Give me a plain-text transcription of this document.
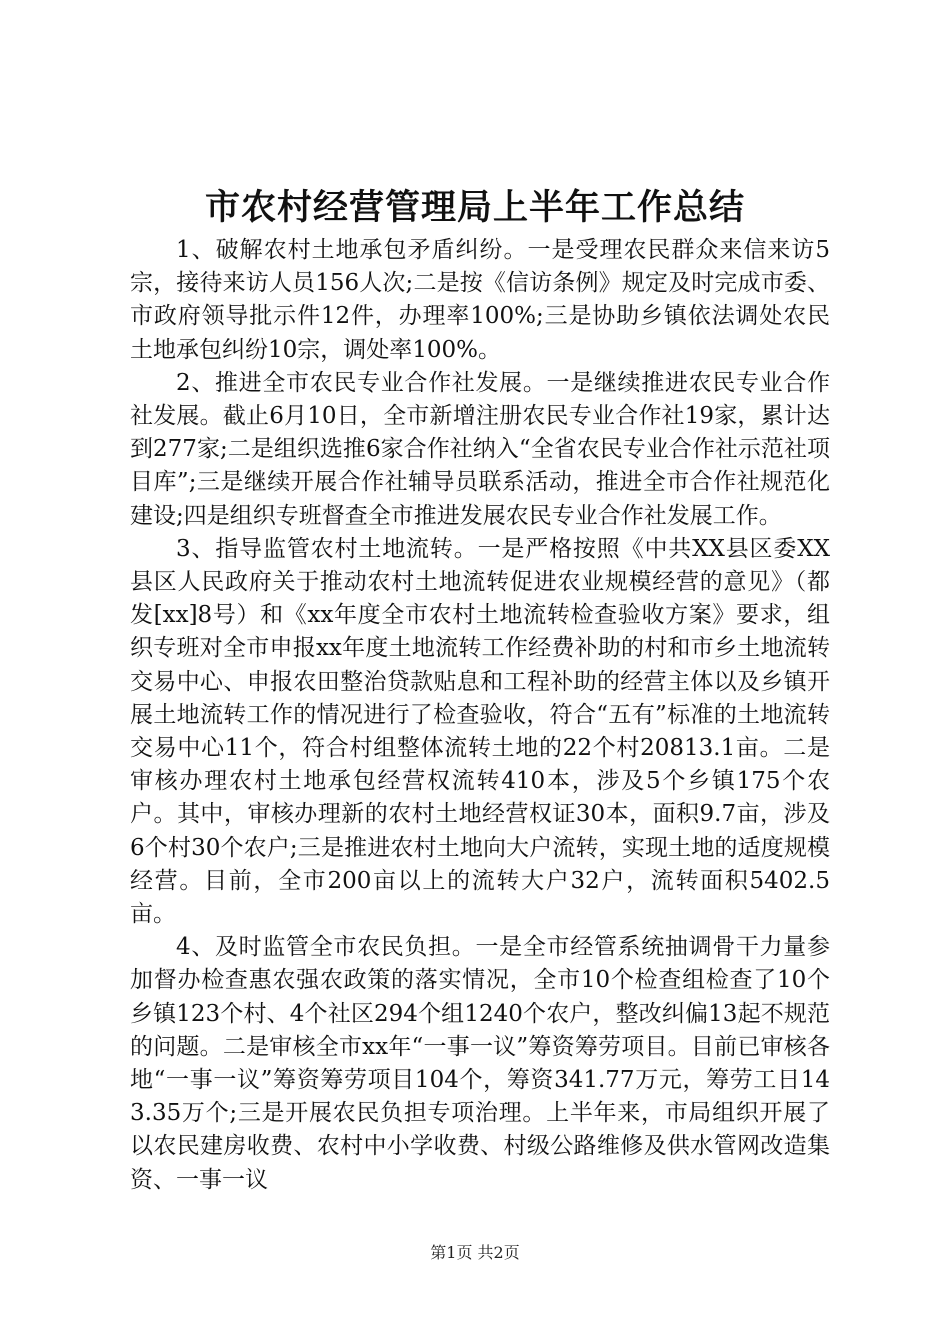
市农村经营管理局上半年工作总结

1、破解农村土地承包矛盾纠纷。一是受理农民群众来信来访5宗，接待来访人员156人次;二是按《信访条例》规定及时完成市委、市政府领导批示件12件，办理率100%;三是协助乡镇依法调处农民土地承包纠纷10宗，调处率100%。

2、推进全市农民专业合作社发展。一是继续推进农民专业合作社发展。截止6月10日，全市新增注册农民专业合作社19家，累计达到277家;二是组织选推6家合作社纳入“全省农民专业合作社示范社项目库”;三是继续开展合作社辅导员联系活动，推进全市合作社规范化建设;四是组织专班督查全市推进发展农民专业合作社发展工作。

3、指导监管农村土地流转。一是严格按照《中共XX县区委XX县区人民政府关于推动农村土地流转促进农业规模经营的意见》（都发[xx]8号）和《xx年度全市农村土地流转检查验收方案》要求，组织专班对全市申报xx年度土地流转工作经费补助的村和市乡土地流转交易中心、申报农田整治贷款贴息和工程补助的经营主体以及乡镇开展土地流转工作的情况进行了检查验收，符合“五有”标准的土地流转交易中心11个，符合村组整体流转土地的22个村20813.1亩。二是审核办理农村土地承包经营权流转410本，涉及5个乡镇175个农户。其中，审核办理新的农村土地经营权证30本，面积9.7亩，涉及6个村30个农户;三是推进农村土地向大户流转，实现土地的适度规模经营。目前，全市200亩以上的流转大户32户，流转面积5402.5亩。

4、及时监管全市农民负担。一是全市经管系统抽调骨干力量参加督办检查惠农强农政策的落实情况，全市10个检查组检查了10个乡镇123个村、4个社区294个组1240个农户，整改纠偏13起不规范的问题。二是审核全市xx年“一事一议”筹资筹劳项目。目前已审核各地“一事一议”筹资筹劳项目104个，筹资341.77万元，筹劳工日143.35万个;三是开展农民负担专项治理。上半年来，市局组织开展了以农民建房收费、农村中小学收费、村级公路维修及供水管网改造集资、一事一议

第1页 共2页
